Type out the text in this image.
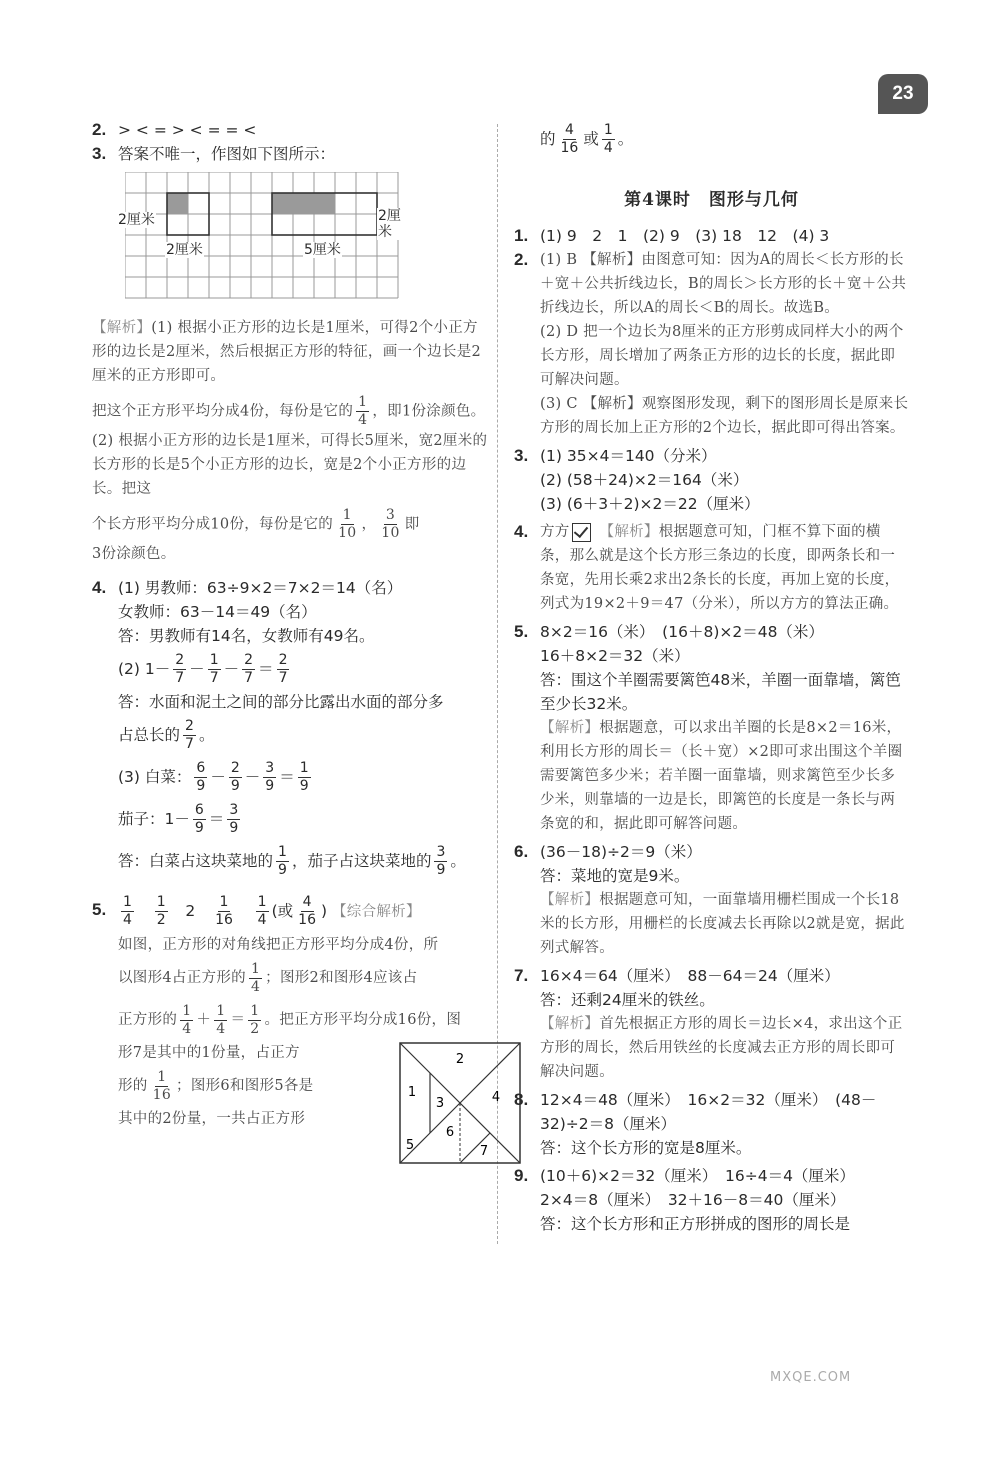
23
2. > < = > < = = <
3. 答案不唯一，作图如下图所示：
2厘米
2厘米	5厘米
2厘米

【解析】(1) 根据小正方形的边长是1厘米，可得2个小正方形的边长是2厘米，然后根据正方形的特征，画一个边长是2厘米的正方形即可。

把这个正方形平均分成4份，每份是它的 $\frac{1}{4}$ ，即1份涂颜色。(2) 根据小正方形的边长是1厘米，可得长5厘米，宽2厘米的长方形的长是5个小正方形的边长，宽是2个小正方形的边长。把这

个长方形平均分成10份，每份是它的 $\frac{1}{10}$ ， $\frac{3}{10}$ 即

3份涂颜色。

4. (1) 男教师：63÷9×2＝7×2＝14（名）

女教师：63－14＝49（名）

答：男教师有14名，女教师有49名。

(2) $1- \frac{2}{7} - \frac{1}{7} - \frac{2}{7} = \frac{2}{7}$

答：水面和泥土之间的部分比露出水面的部分多

占总长的 $\frac{2}{7}$ 。

(3) 白菜： $\frac{6}{9} - \frac{2}{9} - \frac{3}{9} = \frac{1}{9}$

茄子：$1- \frac{6}{9} = \frac{3}{9}$

答：白菜占这块菜地的 $\frac{1}{9}$ ，茄子占这块菜地的 $\frac{3}{9}$ 。

5. $\frac{1}{4}$
$\frac{1}{2} 2 \frac{1}{16}$
$\frac{1}{4}$ (或 $\frac{4}{16}$ ) 【综合解析】

如图，正方形的对角线把正方形平均分成4份，所

以图形4占正方形的 $\frac{1}{4}$ ；图形2和图形4应该占

正方形的 $\frac{1}{4} + \frac{1}{4} = \frac{1}{2}$ 。把正方形平均分成16份，图

形7是其中的1份量，占正方

形的 $\frac{1}{16}$ ；图形6和图形5各是

其中的2份量，一共占正方形

2
1
3	4
6
5	7

的 $\frac{4}{16}$ 或 $\frac{1}{4}$ 。

第4课时　图形与几何
1. (1) 9　2　1　(2) 9　(3) 18　12　(4) 3
2. (1) B 【解析】由图意可知：因为A的周长＜长方形的长＋宽＋公共折线边长，B的周长＞长方形的长＋宽＋公共折线边长，所以A的周长＜B的周长。故选B。

(2) D 把一个边长为8厘米的正方形剪成同样大小的两个长方形，周长增加了两条正方形的边长的长度，据此即可解决问题。

(3) C 【解析】观察图形发现，剩下的图形周长是原来长方形的周长加上正方形的2个边长，据此即可得出答案。

3. (1) 35×4＝140（分米）

(2) (58＋24)×2＝164（米）

(3) (6＋3＋2)×2＝22（厘米）

4. 方方 【解析】根据题意可知，门框不算下面的横条，那么就是这个长方形三条边的长度，即两条长和一条宽，先用长乘2求出2条长的长度，再加上宽的长度，列式为19×2＋9＝47（分米），所以方方的算法正确。

5. 8×2＝16（米）　(16＋8)×2＝48（米）

16＋8×2＝32（米）

答：围这个羊圈需要篱笆48米，羊圈一面靠墙，篱笆至少长32米。

【解析】根据题意，可以求出羊圈的长是8×2＝16米，利用长方形的周长＝（长＋宽）×2即可求出围这个羊圈需要篱笆多少米；若羊圈一面靠墙，则求篱笆至少长多少米，则靠墙的一边是长，即篱笆的长度是一条长与两条宽的和，据此即可解答问题。

6. (36－18)÷2＝9（米）

答：菜地的宽是9米。

【解析】根据题意可知，一面靠墙用栅栏围成一个长18米的长方形，用栅栏的长度减去长再除以2就是宽，据此列式解答。

7. 16×4＝64（厘米）　88－64＝24（厘米）

答：还剩24厘米的铁丝。

【解析】首先根据正方形的周长＝边长×4，求出这个正方形的周长，然后用铁丝的长度减去正方形的周长即可解决问题。

8. 12×4＝48（厘米）　16×2＝32（厘米）　(48－32)÷2＝8（厘米）

答：这个长方形的宽是8厘米。

9. (10＋6)×2＝32（厘米）　16÷4＝4（厘米）

2×4＝8（厘米）　32＋16－8＝40（厘米）

答：这个长方形和正方形拼成的图形的周长是

MXQE.COM
